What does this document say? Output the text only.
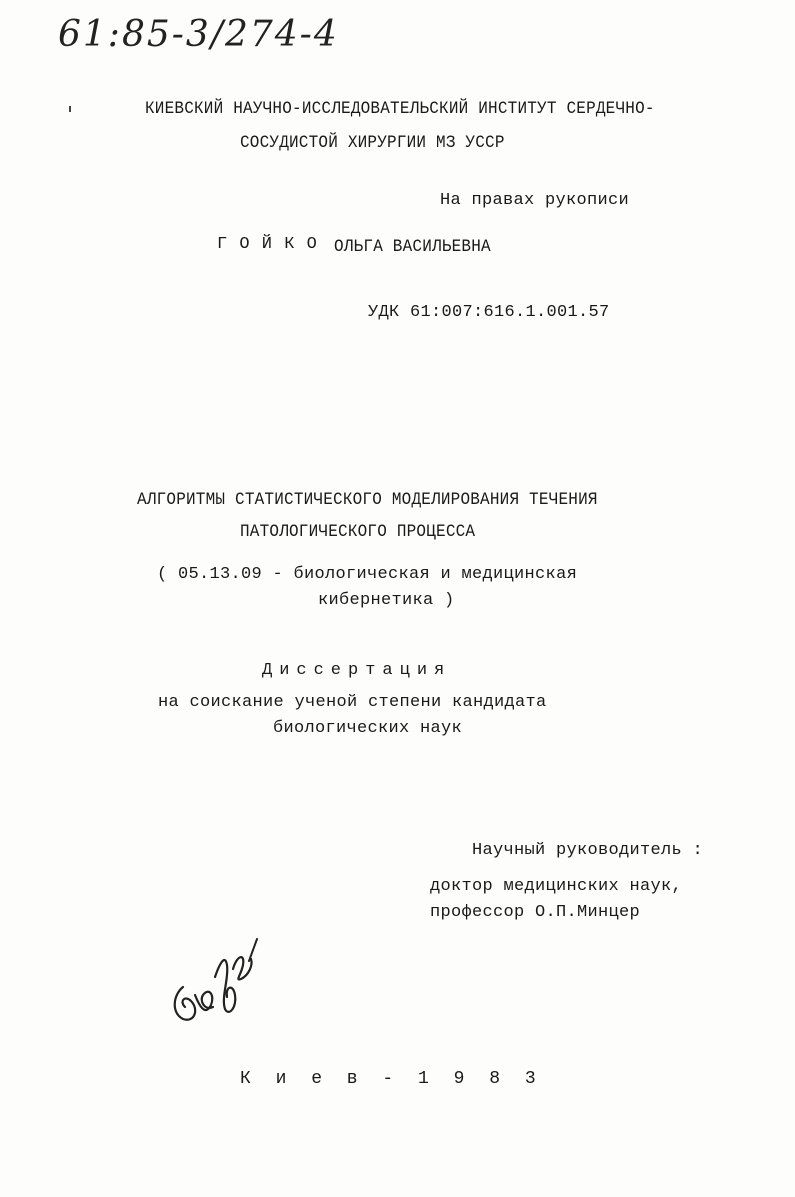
61:85-3/274-4
КИЕВСКИЙ НАУЧНО-ИССЛЕДОВАТЕЛЬСКИЙ ИНСТИТУТ СЕРДЕЧНО-
СОСУДИСТОЙ ХИРУРГИИ МЗ УССР
На правах рукописи
Г О Й К О ОЛЬГА ВАСИЛЬЕВНА
УДК 61:007:616.1.001.57
АЛГОРИТМЫ СТАТИСТИЧЕСКОГО МОДЕЛИРОВАНИЯ ТЕЧЕНИЯ
ПАТОЛОГИЧЕСКОГО ПРОЦЕССА
( 05.13.09 - биологическая и медицинская
кибернетика )
Диссертация
на соискание ученой степени кандидата
биологических наук
Научный руководитель :
доктор медицинских наук,
профессор О.П.Минцер
К и е в - 1 9 8 3
